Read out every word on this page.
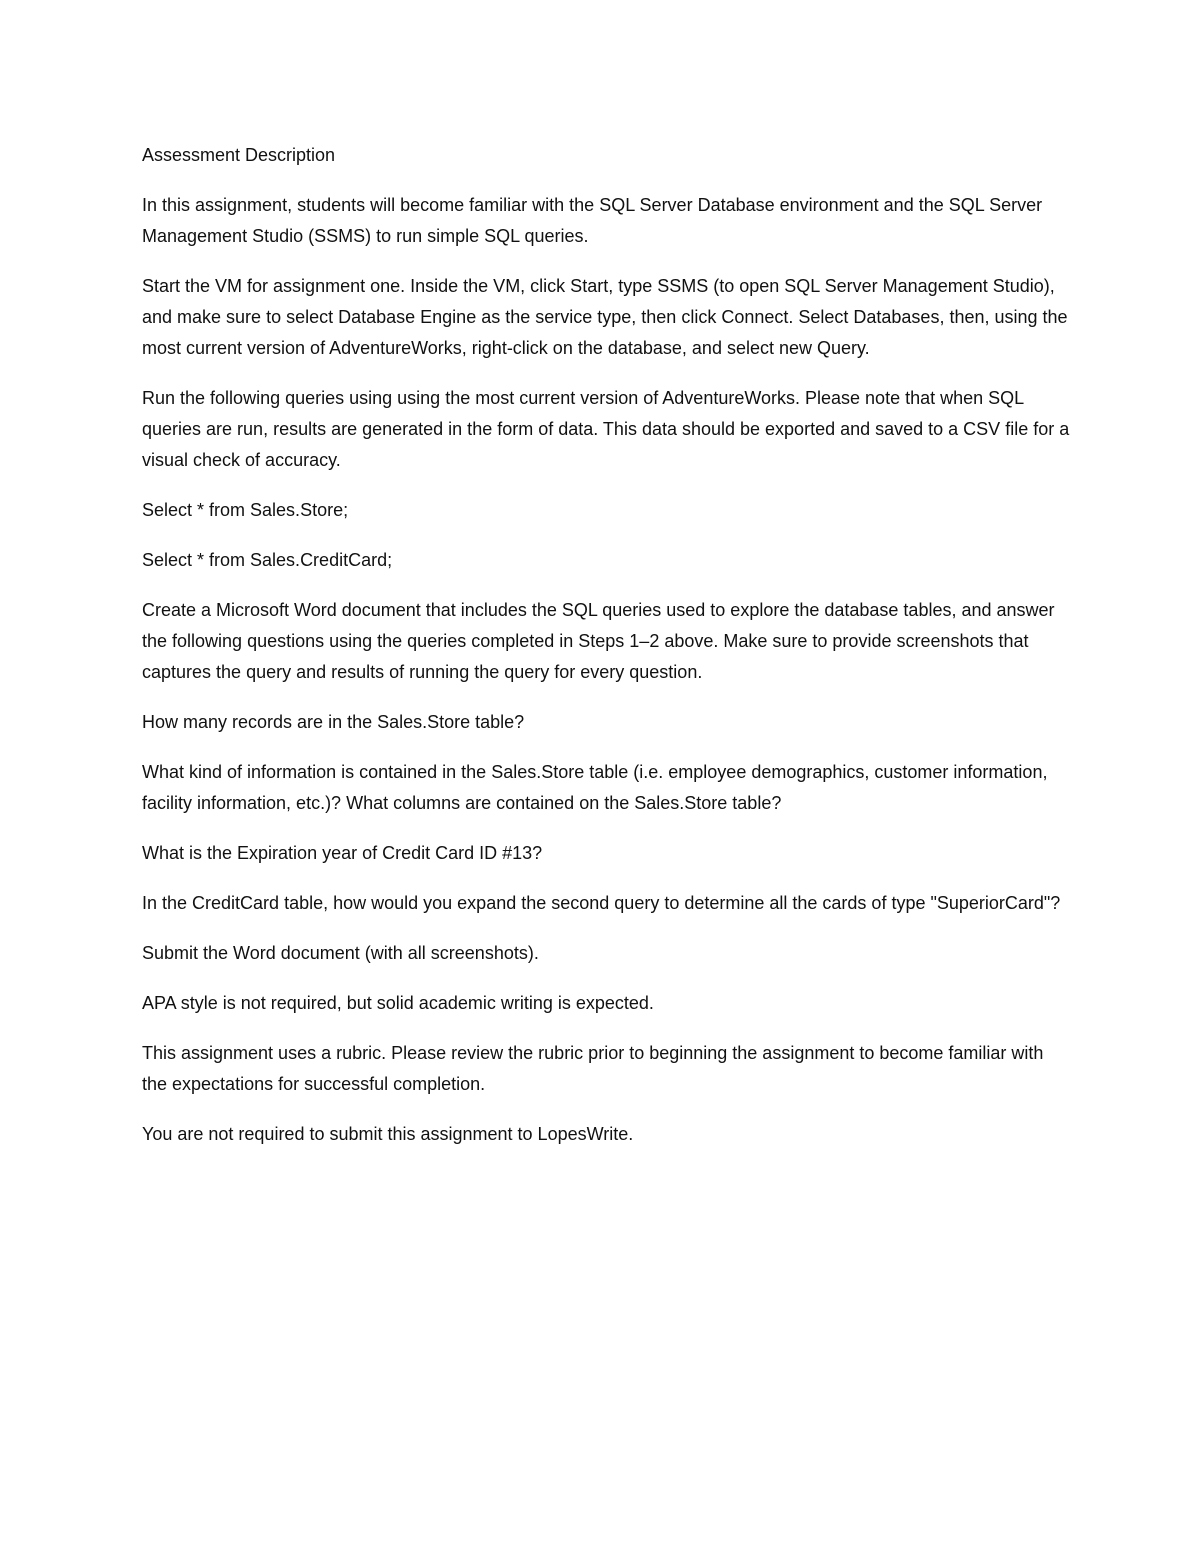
Assessment Description

In this assignment, students will become familiar with the SQL Server Database environment and the SQL Server Management Studio (SSMS) to run simple SQL queries.

Start the VM for assignment one. Inside the VM, click Start, type SSMS (to open SQL Server Management Studio), and make sure to select Database Engine as the service type, then click Connect. Select Databases, then, using the most current version of AdventureWorks, right-click on the database, and select new Query.

Run the following queries using using the most current version of AdventureWorks. Please note that when SQL queries are run, results are generated in the form of data. This data should be exported and saved to a CSV file for a visual check of accuracy.

Select * from Sales.Store;

Select * from Sales.CreditCard;

Create a Microsoft Word document that includes the SQL queries used to explore the database tables, and answer the following questions using the queries completed in Steps 1–2 above. Make sure to provide screenshots that captures the query and results of running the query for every question.

How many records are in the Sales.Store table?

What kind of information is contained in the Sales.Store table (i.e. employee demographics, customer information, facility information, etc.)? What columns are contained on the Sales.Store table?

What is the Expiration year of Credit Card ID #13?

In the CreditCard table, how would you expand the second query to determine all the cards of type "SuperiorCard"?

Submit the Word document (with all screenshots).

APA style is not required, but solid academic writing is expected.

This assignment uses a rubric. Please review the rubric prior to beginning the assignment to become familiar with the expectations for successful completion.

You are not required to submit this assignment to LopesWrite.
